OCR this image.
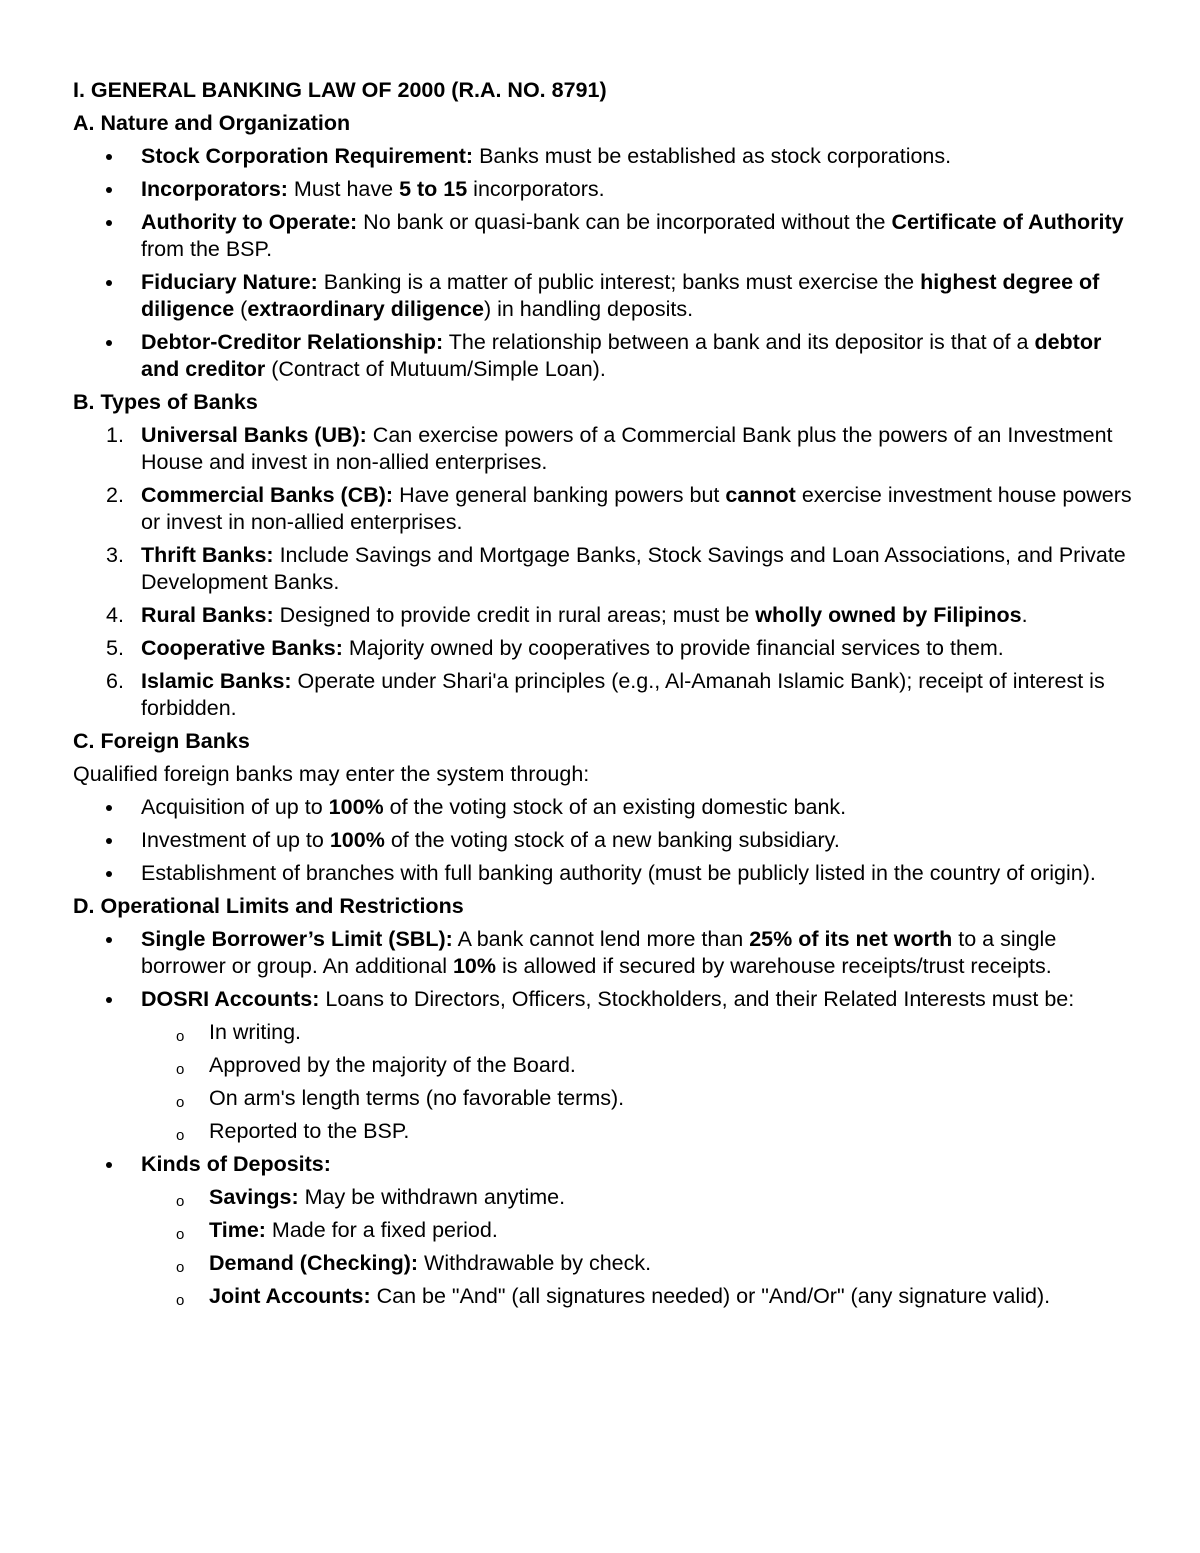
I. GENERAL BANKING LAW OF 2000 (R.A. NO. 8791)
A. Nature and Organization
Stock Corporation Requirement: Banks must be established as stock corporations.
Incorporators: Must have 5 to 15 incorporators.
Authority to Operate: No bank or quasi-bank can be incorporated without the Certificate of Authority from the BSP.
Fiduciary Nature: Banking is a matter of public interest; banks must exercise the highest degree of diligence (extraordinary diligence) in handling deposits.
Debtor-Creditor Relationship: The relationship between a bank and its depositor is that of a debtor and creditor (Contract of Mutuum/Simple Loan).
B. Types of Banks
1. Universal Banks (UB): Can exercise powers of a Commercial Bank plus the powers of an Investment House and invest in non-allied enterprises.
2. Commercial Banks (CB): Have general banking powers but cannot exercise investment house powers or invest in non-allied enterprises.
3. Thrift Banks: Include Savings and Mortgage Banks, Stock Savings and Loan Associations, and Private Development Banks.
4. Rural Banks: Designed to provide credit in rural areas; must be wholly owned by Filipinos.
5. Cooperative Banks: Majority owned by cooperatives to provide financial services to them.
6. Islamic Banks: Operate under Shari'a principles (e.g., Al-Amanah Islamic Bank); receipt of interest is forbidden.
C. Foreign Banks
Qualified foreign banks may enter the system through:
Acquisition of up to 100% of the voting stock of an existing domestic bank.
Investment of up to 100% of the voting stock of a new banking subsidiary.
Establishment of branches with full banking authority (must be publicly listed in the country of origin).
D. Operational Limits and Restrictions
Single Borrower’s Limit (SBL): A bank cannot lend more than 25% of its net worth to a single borrower or group. An additional 10% is allowed if secured by warehouse receipts/trust receipts.
DOSRI Accounts: Loans to Directors, Officers, Stockholders, and their Related Interests must be:
o In writing.
o Approved by the majority of the Board.
o On arm's length terms (no favorable terms).
o Reported to the BSP.
Kinds of Deposits:
o Savings: May be withdrawn anytime.
o Time: Made for a fixed period.
o Demand (Checking): Withdrawable by check.
o Joint Accounts: Can be "And" (all signatures needed) or "And/Or" (any signature valid).
